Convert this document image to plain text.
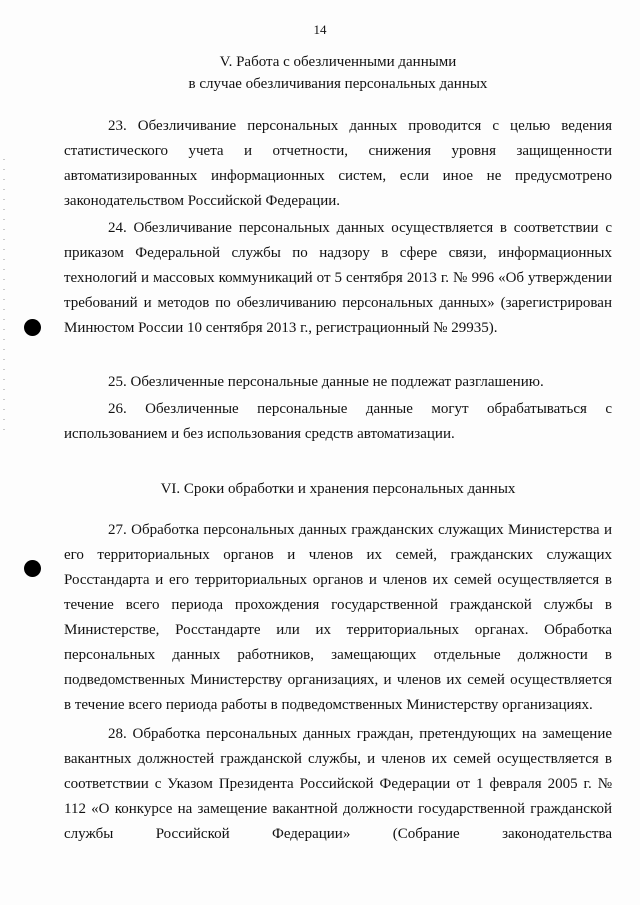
14
V. Работа с обезличенными данными
в случае обезличивания персональных данных

23. Обезличивание персональных данных проводится с целью ведения статистического учета и отчетности, снижения уровня защищенности автоматизированных информационных систем, если иное не предусмотрено законодательством Российской Федерации.

24. Обезличивание персональных данных осуществляется в соответствии с приказом Федеральной службы по надзору в сфере связи, информационных технологий и массовых коммуникаций от 5 сентября 2013 г. № 996 «Об утверждении требований и методов по обезличиванию персональных данных» (зарегистрирован Минюстом России 10 сентября 2013 г., регистрационный № 29935).

25. Обезличенные персональные данные не подлежат разглашению.

26. Обезличенные персональные данные могут обрабатываться с использованием и без использования средств автоматизации.

VI. Сроки обработки и хранения персональных данных

27. Обработка персональных данных гражданских служащих Министерства и его территориальных органов и членов их семей, гражданских служащих Росстандарта и его территориальных органов и членов их семей осуществляется в течение всего периода прохождения государственной гражданской службы в Министерстве, Росстандарте или их территориальных органах. Обработка персональных данных работников, замещающих отдельные должности в подведомственных Министерству организациях, и членов их семей осуществляется в течение всего периода работы в подведомственных Министерству организациях.

28. Обработка персональных данных граждан, претендующих на замещение вакантных должностей гражданской службы, и членов их семей осуществляется в соответствии с Указом Президента Российской Федерации от 1 февраля 2005 г. № 112 «О конкурсе на замещение вакантной должности государственной гражданской службы Российской Федерации» (Собрание законодательства
